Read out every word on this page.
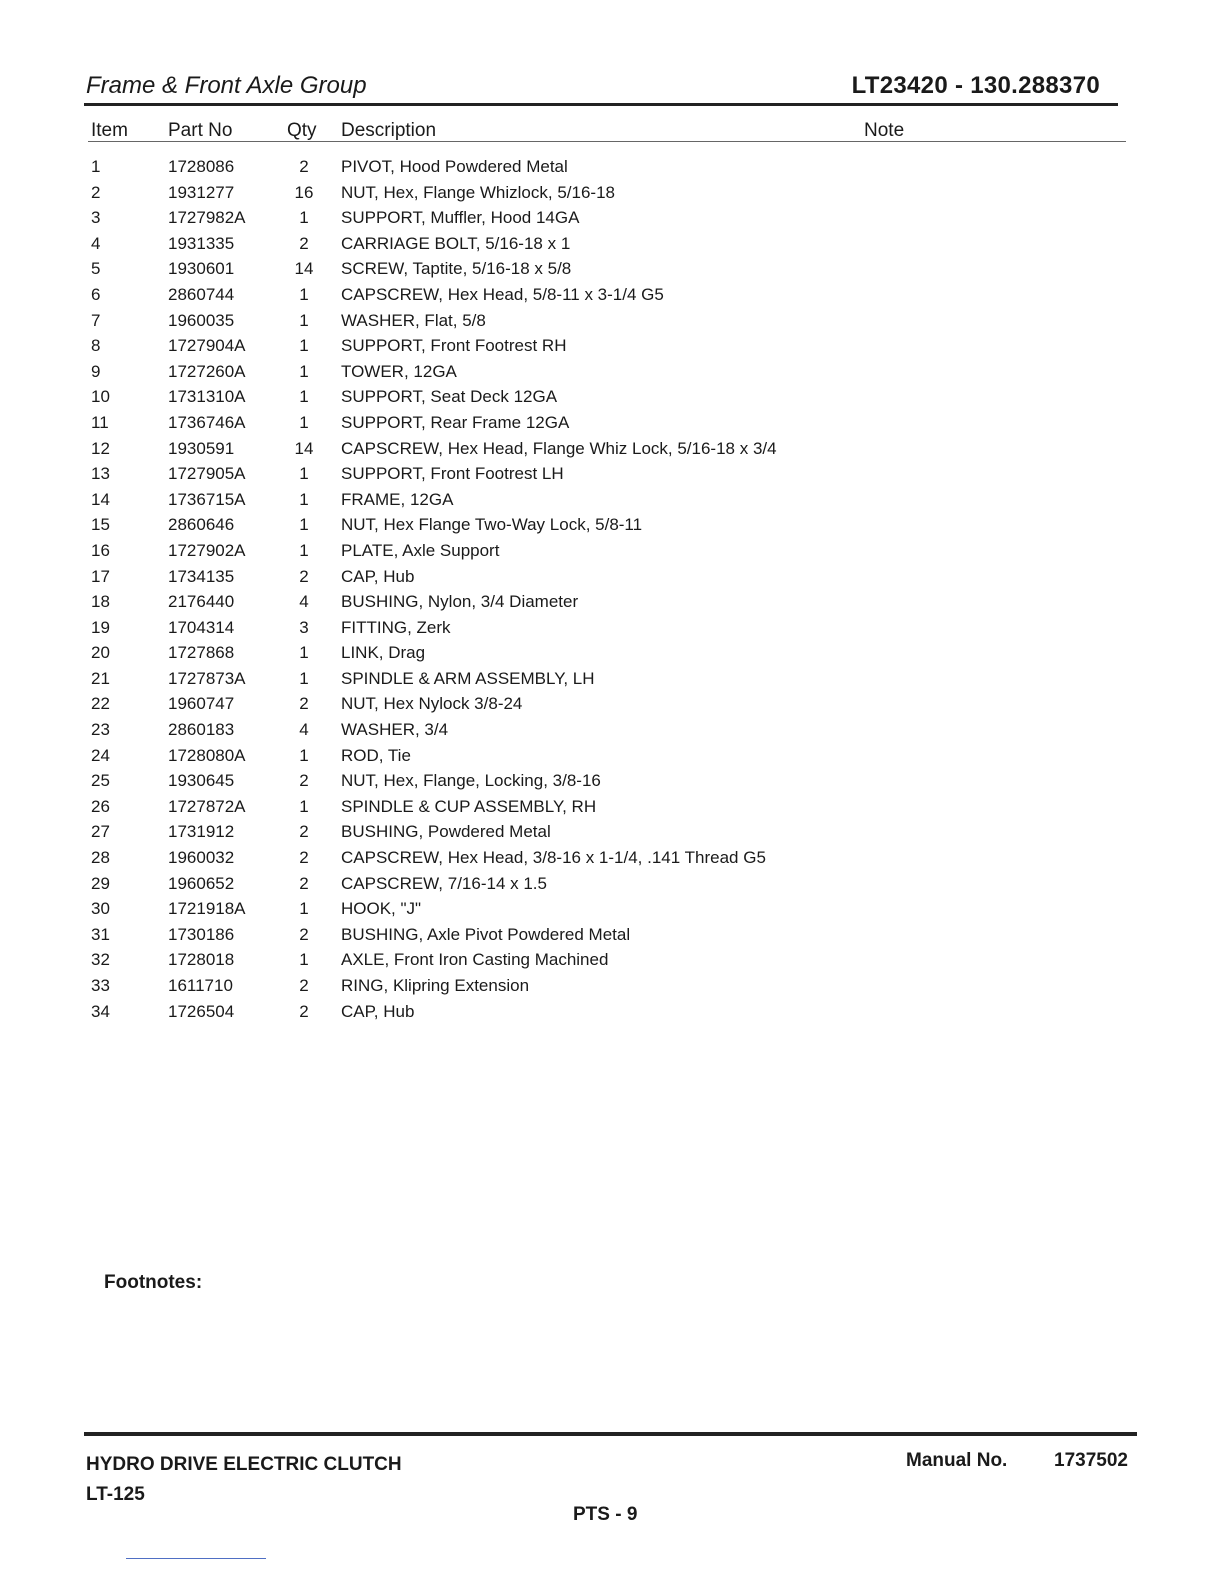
Frame & Front Axle Group	LT23420 - 130.288370
Item Part No	Qty Description	Note
1	1728086	2	PIVOT, Hood Powdered Metal
2	1931277	16	NUT, Hex, Flange Whizlock, 5/16-18
3	1727982A	1	SUPPORT, Muffler, Hood 14GA
4	1931335	2	CARRIAGE BOLT, 5/16-18 x 1
5	1930601	14	SCREW, Taptite, 5/16-18 x 5/8
6	2860744	1	CAPSCREW, Hex Head, 5/8-11 x 3-1/4 G5
7	1960035	1	WASHER, Flat, 5/8
8	1727904A	1	SUPPORT, Front Footrest RH
9	1727260A	1	TOWER, 12GA
10	1731310A	1	SUPPORT, Seat Deck 12GA
11	1736746A	1	SUPPORT, Rear Frame 12GA
12	1930591	14	CAPSCREW, Hex Head, Flange Whiz Lock, 5/16-18 x 3/4
13	1727905A	1	SUPPORT, Front Footrest LH
14	1736715A	1	FRAME, 12GA
15	2860646	1	NUT, Hex Flange Two-Way Lock, 5/8-11
16	1727902A	1	PLATE, Axle Support
17	1734135	2	CAP, Hub
18	2176440	4	BUSHING, Nylon, 3/4 Diameter
19	1704314	3	FITTING, Zerk
20	1727868	1	LINK, Drag
21	1727873A	1	SPINDLE & ARM ASSEMBLY, LH
22	1960747	2	NUT, Hex Nylock 3/8-24
23	2860183	4	WASHER, 3/4
24	1728080A	1	ROD, Tie
25	1930645	2	NUT, Hex, Flange, Locking, 3/8-16
26	1727872A	1	SPINDLE & CUP ASSEMBLY, RH
27	1731912	2	BUSHING, Powdered Metal
28	1960032	2	CAPSCREW, Hex Head, 3/8-16 x 1-1/4, .141 Thread G5
29	1960652	2	CAPSCREW, 7/16-14 x 1.5
30	1721918A	1	HOOK, "J"
31	1730186	2	BUSHING, Axle Pivot Powdered Metal
32	1728018	1	AXLE, Front Iron Casting Machined
33	1611710	2	RING, Klipring Extension
34	1726504	2	CAP, Hub
Footnotes:
HYDRO DRIVE ELECTRIC CLUTCH
LT-125
Manual No. 1737502
PTS - 9
